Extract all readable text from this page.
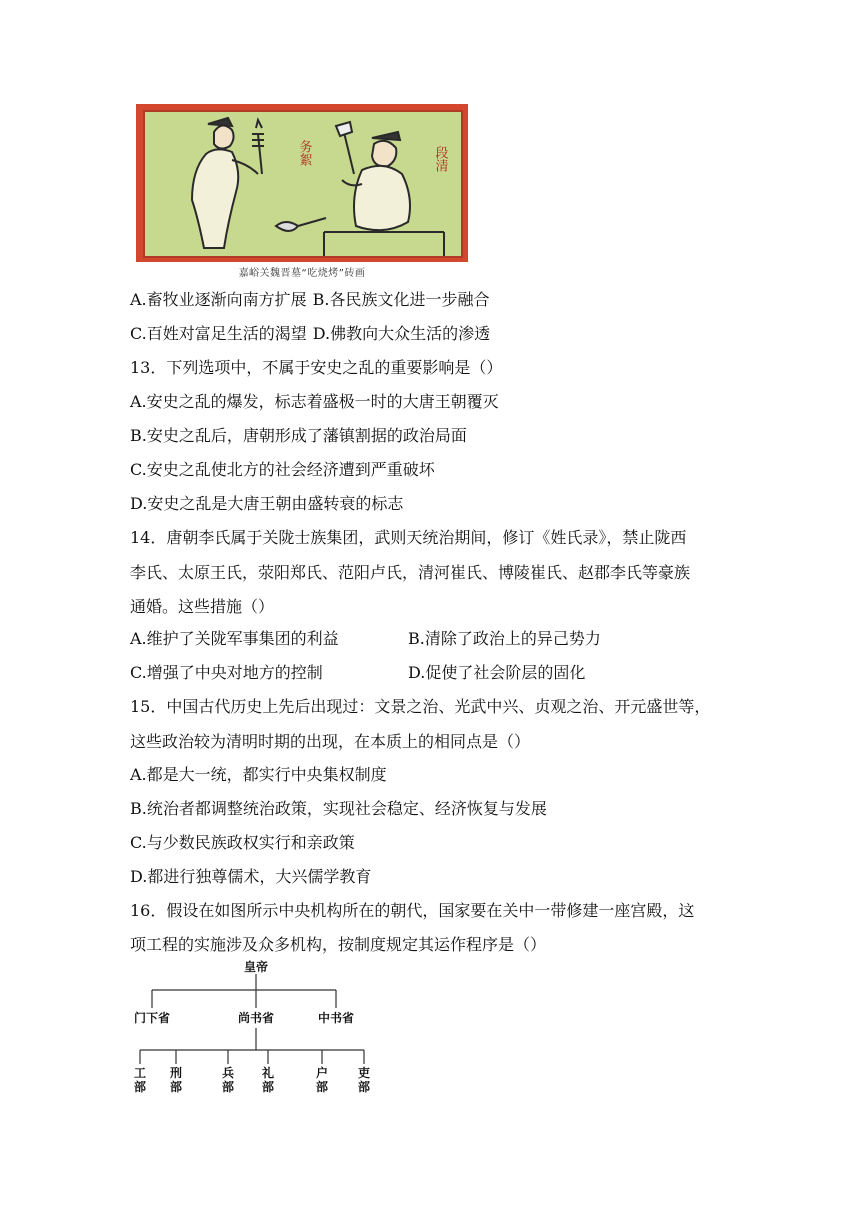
务絮	段清
嘉峪关魏晋墓“吃烧烤”砖画
A.畜牧业逐渐向南方扩展 B.各民族文化进一步融合
C.百姓对富足生活的渴望 D.佛教向大众生活的渗透
13．下列选项中，不属于安史之乱的重要影响是（）
A.安史之乱的爆发，标志着盛极一时的大唐王朝覆灭
B.安史之乱后，唐朝形成了藩镇割据的政治局面
C.安史之乱使北方的社会经济遭到严重破坏
D.安史之乱是大唐王朝由盛转衰的标志
14．唐朝李氏属于关陇士族集团，武则天统治期间，修订《姓氏录》，禁止陇西
李氏、太原王氏，荥阳郑氏、范阳卢氏，清河崔氏、博陵崔氏、赵郡李氏等豪族
通婚。这些措施（）
A.维护了关陇军事集团的利益	B.清除了政治上的异己势力
C.增强了中央对地方的控制	D.促使了社会阶层的固化
15．中国古代历史上先后出现过：文景之治、光武中兴、贞观之治、开元盛世等，
这些政治较为清明时期的出现，在本质上的相同点是（）
A.都是大一统，都实行中央集权制度
B.统治者都调整统治政策，实现社会稳定、经济恢复与发展
C.与少数民族政权实行和亲政策
D.都进行独尊儒术，大兴儒学教育
16．假设在如图所示中央机构所在的朝代，国家要在关中一带修建一座宫殿，这
项工程的实施涉及众多机构，按制度规定其运作程序是（）
皇帝
门下省	尚书省	中书省
工
部
刑
部
兵
部
礼
部
户
部
吏
部
